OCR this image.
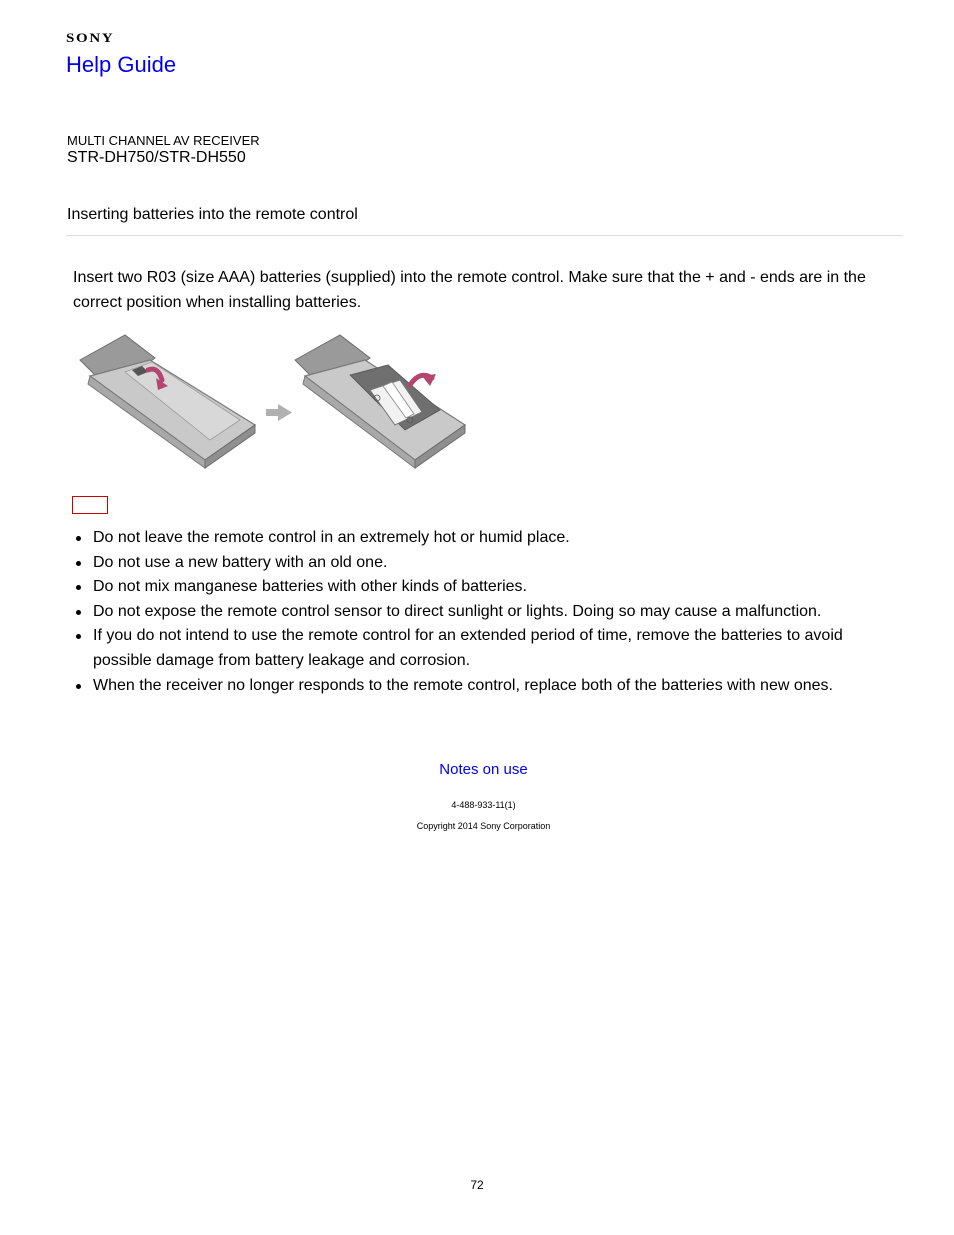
SONY
Help Guide
MULTI CHANNEL AV RECEIVER
STR-DH750/STR-DH550
Inserting batteries into the remote control
Insert two R03 (size AAA) batteries (supplied) into the remote control. Make sure that the + and - ends are in the correct position when installing batteries.
Do not leave the remote control in an extremely hot or humid place.
Do not use a new battery with an old one.
Do not mix manganese batteries with other kinds of batteries.
Do not expose the remote control sensor to direct sunlight or lights. Doing so may cause a malfunction.
If you do not intend to use the remote control for an extended period of time, remove the batteries to avoid possible damage from battery leakage and corrosion.
When the receiver no longer responds to the remote control, replace both of the batteries with new ones.
Notes on use
4-488-933-11(1)
Copyright 2014 Sony Corporation
72
